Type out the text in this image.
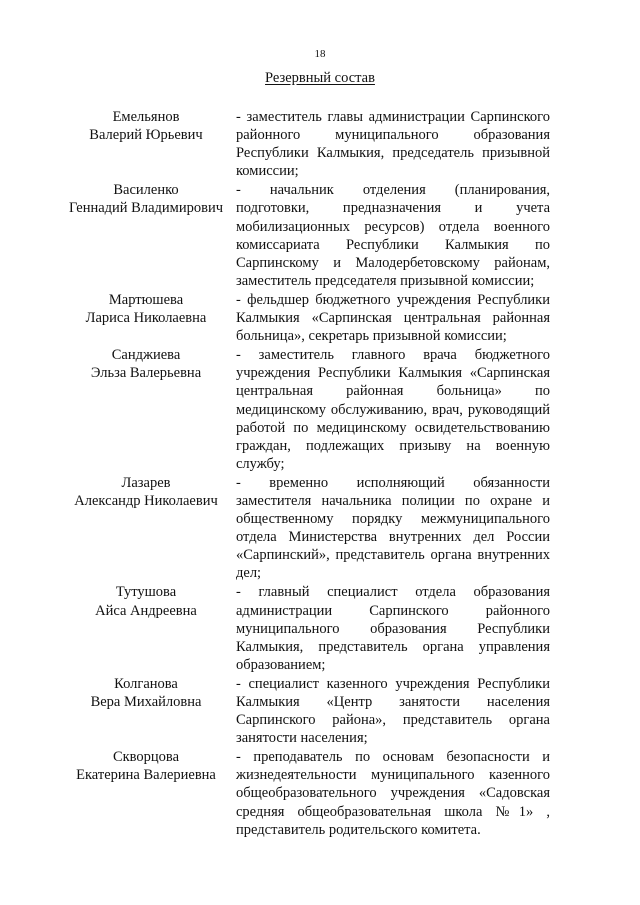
18
Резервный состав
Емельянов
Валерий Юрьевич
- заместитель главы администрации Сарпинского районного муниципального образования Республики Калмыкия, председатель призывной комиссии;
Василенко
Геннадий Владимирович
- начальник отделения (планирования, подготовки, предназначения и учета мобилизационных ресурсов) отдела военного комиссариата Республики Калмыкия по Сарпинскому и Малодербетовскому районам, заместитель председателя призывной комиссии;
Мартюшева
Лариса Николаевна
- фельдшер бюджетного учреждения Республики Калмыкия «Сарпинская центральная районная больница», секретарь призывной комиссии;
Санджиева
Эльза Валерьевна
- заместитель главного врача бюджетного учреждения Республики Калмыкия «Сарпинская центральная районная больница» по медицинскому обслуживанию, врач, руководящий работой по медицинскому освидетельствованию граждан, подлежащих призыву на военную службу;
Лазарев
Александр Николаевич
- временно исполняющий обязанности заместителя начальника полиции по охране и общественному порядку межмуниципального отдела Министерства внутренних дел России «Сарпинский», представитель органа внутренних дел;
Тутушова
Айса Андреевна
- главный специалист отдела образования администрации Сарпинского районного муниципального образования Республики Калмыкия, представитель органа управления образованием;
Колганова
Вера Михайловна
- специалист казенного учреждения Республики Калмыкия «Центр занятости населения Сарпинского района», представитель органа занятости населения;
Скворцова
Екатерина Валериевна
- преподаватель по основам безопасности и жизнедеятельности муниципального казенного общеобразовательного учреждения «Садовская средняя общеобразовательная школа №1» , представитель родительского комитета.
